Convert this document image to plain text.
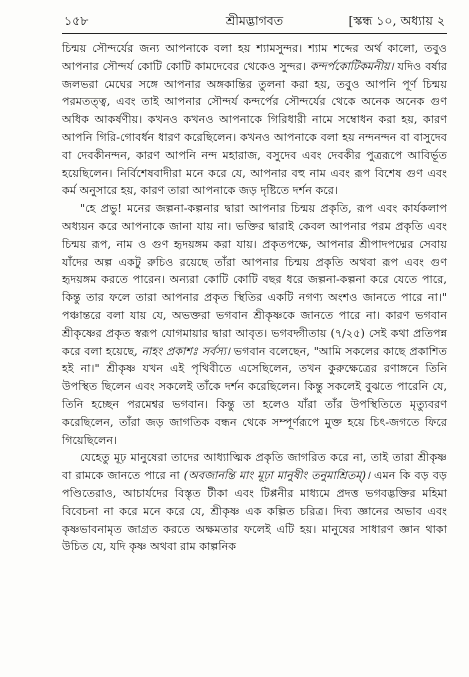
১৫৮	শ্রীমদ্ভাগবত	[স্কন্ধ ১০, অধ্যায় ২

চিন্ময় সৌন্দর্যের জন্য আপনাকে বলা হয় শ্যামসুন্দর। শ্যাম শব্দের অর্থ কালো, তবুও আপনার সৌন্দর্য কোটি কোটি কামদেবের থেকেও সুন্দর। কন্দর্পকোটিকমনীয়। যদিও বর্ষার জলভরা মেঘের সঙ্গে আপনার অঙ্গকান্তির তুলনা করা হয়, তবুও আপনি পূর্ণ চিন্ময় পরমতত্ত্ব, এবং তাই আপনার সৌন্দর্য কন্দর্পের সৌন্দর্যের থেকে অনেক অনেক গুণ অধিক আকর্ষণীয়। কখনও কখনও আপনাকে গিরিধারী নামে সম্বোধন করা হয়, কারণ আপনি গিরি-গোবর্ধন ধারণ করেছিলেন। কখনও আপনাকে বলা হয় নন্দনন্দন বা বাসুদেব বা দেবকীনন্দন, কারণ আপনি নন্দ মহারাজ, বসুদেব এবং দেবকীর পুত্ররূপে আবির্ভূত হয়েছিলেন। নির্বিশেষবাদীরা মনে করে যে, আপনার বহু নাম এবং রূপ বিশেষ গুণ এবং কর্ম অনুসারে হয়, কারণ তারা আপনাকে জড় দৃষ্টিতে দর্শন করে।

"হে প্রভু! মনের জল্পনা-কল্পনার দ্বারা আপনার চিন্ময় প্রকৃতি, রূপ এবং কার্যকলাপ অধ্যয়ন করে আপনাকে জানা যায় না। ভক্তির দ্বারাই কেবল আপনার পরম প্রকৃতি এবং চিন্ময় রূপ, নাম ও গুণ হৃদয়ঙ্গম করা যায়। প্রকৃতপক্ষে, আপনার শ্রীপাদপদ্মের সেবায় যাঁদের অল্প একটু রুচিও রয়েছে তাঁরা আপনার চিন্ময় প্রকৃতি অথবা রূপ এবং গুণ হৃদয়ঙ্গম করতে পারেন। অন্যরা কোটি কোটি বছর ধরে জল্পনা-কল্পনা করে যেতে পারে, কিন্তু তার ফলে তারা আপনার প্রকৃত স্থিতির একটি নগণ্য অংশও জানতে পারে না।" পঞ্চান্তরে বলা যায় যে, অভক্তরা ভগবান শ্রীকৃষ্ণকে জানতে পারে না। কারণ ভগবান শ্রীকৃষ্ণের প্রকৃত স্বরূপ যোগমায়ার দ্বারা আবৃত। ভগবদ্গীতায় (৭/২৫) সেই কথা প্রতিপন্ন করে বলা হয়েছে, নাহং প্রকাশঃ সর্বস্য। ভগবান বলেছেন, "আমি সকলের কাছে প্রকাশিত হই না।" শ্রীকৃষ্ণ যখন এই পৃথিবীতে এসেছিলেন, তখন কুরুক্ষেত্রের রণাঙ্গনে তিনি উপস্থিত ছিলেন এবং সকলেই তাঁকে দর্শন করেছিলেন। কিন্তু সকলেই বুঝতে পারেনি যে, তিনি হচ্ছেন পরমেশ্বর ভগবান। কিন্তু তা হলেও যাঁরা তাঁর উপস্থিতিতে মৃত্যুবরণ করেছিলেন, তাঁরা জড় জাগতিক বন্ধন থেকে সম্পূর্ণরূপে মুক্ত হয়ে চিৎ-জগতে ফিরে গিয়েছিলেন।

যেহেতু মূঢ় মানুষেরা তাদের আধ্যাত্মিক প্রকৃতি জাগরিত করে না, তাই তারা শ্রীকৃষ্ণ বা রামকে জানতে পারে না (অবজানন্তি মাং মূঢ়া মানুষীং তনুমাশ্রিতম্)। এমন কি বড় বড় পণ্ডিতেরাও, আচার্যদের বিস্তৃত টীকা এবং টিপ্পনীর মাধ্যমে প্রদত্ত ভগবদ্ভক্তির মহিমা বিবেচনা না করে মনে করে যে, শ্রীকৃষ্ণ এক কল্পিত চরিত্র। দিব্য জ্ঞানের অভাব এবং কৃষ্ণভাবনামৃত জাগ্রত করতে অক্ষমতার ফলেই এটি হয়। মানুষের সাধারণ জ্ঞান থাকা উচিত যে, যদি কৃষ্ণ অথবা রাম কাল্পনিক
